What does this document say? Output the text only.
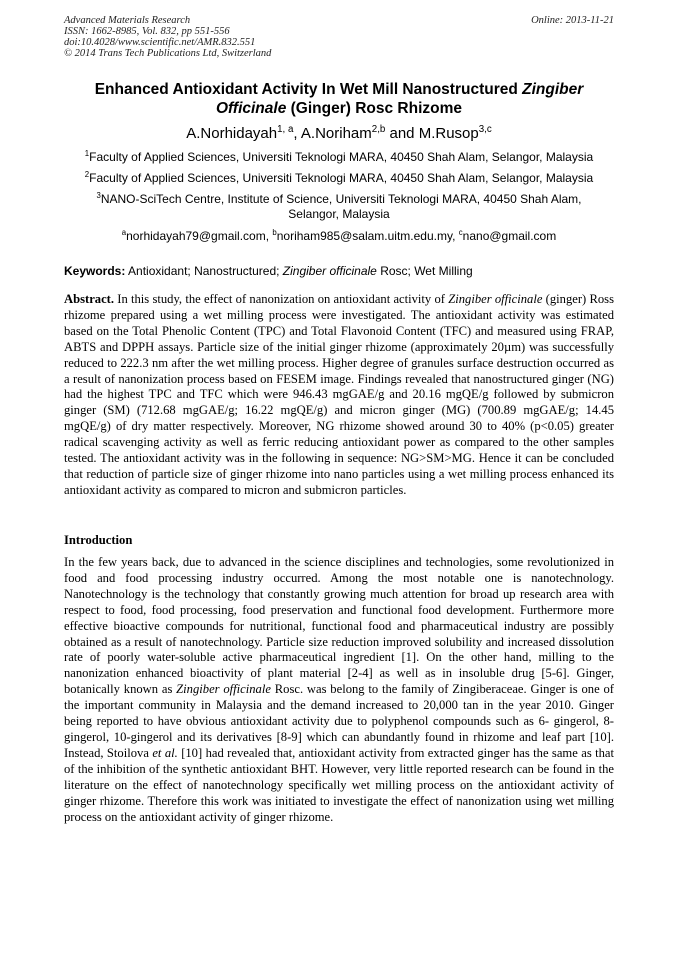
Advanced Materials Research
ISSN: 1662-8985, Vol. 832, pp 551-556
doi:10.4028/www.scientific.net/AMR.832.551
© 2014 Trans Tech Publications Ltd, Switzerland
Online: 2013-11-21
Enhanced Antioxidant Activity In Wet Mill Nanostructured Zingiber Officinale (Ginger) Rosc Rhizome
A.Norhidayah$^{1, a}$, A.Noriham$^{2,b}$ and M.Rusop$^{3,c}$
$^1$Faculty of Applied Sciences, Universiti Teknologi MARA, 40450 Shah Alam, Selangor, Malaysia
$^2$Faculty of Applied Sciences, Universiti Teknologi MARA, 40450 Shah Alam, Selangor, Malaysia
$^3$NANO-SciTech Centre, Institute of Science, Universiti Teknologi MARA, 40450 Shah Alam, Selangor, Malaysia
$^a$norhidayah79@gmail.com, $^b$noriham985@salam.uitm.edu.my, $^c$nano@gmail.com
Keywords: Antioxidant; Nanostructured; Zingiber officinale Rosc; Wet Milling
Abstract. In this study, the effect of nanonization on antioxidant activity of Zingiber officinale (ginger) Ross rhizome prepared using a wet milling process were investigated. The antioxidant activity was estimated based on the Total Phenolic Content (TPC) and Total Flavonoid Content (TFC) and measured using FRAP, ABTS and DPPH assays. Particle size of the initial ginger rhizome (approximately 20µm) was successfully reduced to 222.3 nm after the wet milling process. Higher degree of granules surface destruction occurred as a result of nanonization process based on FESEM image. Findings revealed that nanostructured ginger (NG) had the highest TPC and TFC which were 946.43 mgGAE/g and 20.16 mgQE/g followed by submicron ginger (SM) (712.68 mgGAE/g; 16.22 mgQE/g) and micron ginger (MG) (700.89 mgGAE/g; 14.45 mgQE/g) of dry matter respectively. Moreover, NG rhizome showed around 30 to 40% (p<0.05) greater radical scavenging activity as well as ferric reducing antioxidant power as compared to the other samples tested. The antioxidant activity was in the following in sequence: NG>SM>MG. Hence it can be concluded that reduction of particle size of ginger rhizome into nano particles using a wet milling process enhanced its antioxidant activity as compared to micron and submicron particles.
Introduction
In the few years back, due to advanced in the science disciplines and technologies, some revolutionized in food and food processing industry occurred. Among the most notable one is nanotechnology. Nanotechnology is the technology that constantly growing much attention for broad up research area with respect to food, food processing, food preservation and functional food development. Furthermore more effective bioactive compounds for nutritional, functional food and pharmaceutical industry are possibly obtained as a result of nanotechnology. Particle size reduction improved solubility and increased dissolution rate of poorly water-soluble active pharmaceutical ingredient [1]. On the other hand, milling to the nanonization enhanced bioactivity of plant material [2-4] as well as in insoluble drug [5-6]. Ginger, botanically known as Zingiber officinale Rosc. was belong to the family of Zingiberaceae. Ginger is one of the important community in Malaysia and the demand increased to 20,000 tan in the year 2010. Ginger being reported to have obvious antioxidant activity due to polyphenol compounds such as 6- gingerol, 8-gingerol, 10-gingerol and its derivatives [8-9] which can abundantly found in rhizome and leaf part [10]. Instead, Stoilova et al. [10] had revealed that, antioxidant activity from extracted ginger has the same as that of the inhibition of the synthetic antioxidant BHT. However, very little reported research can be found in the literature on the effect of nanotechnology specifically wet milling process on the antioxidant activity of ginger rhizome. Therefore this work was initiated to investigate the effect of nanonization using wet milling process on the antioxidant activity of ginger rhizome.
